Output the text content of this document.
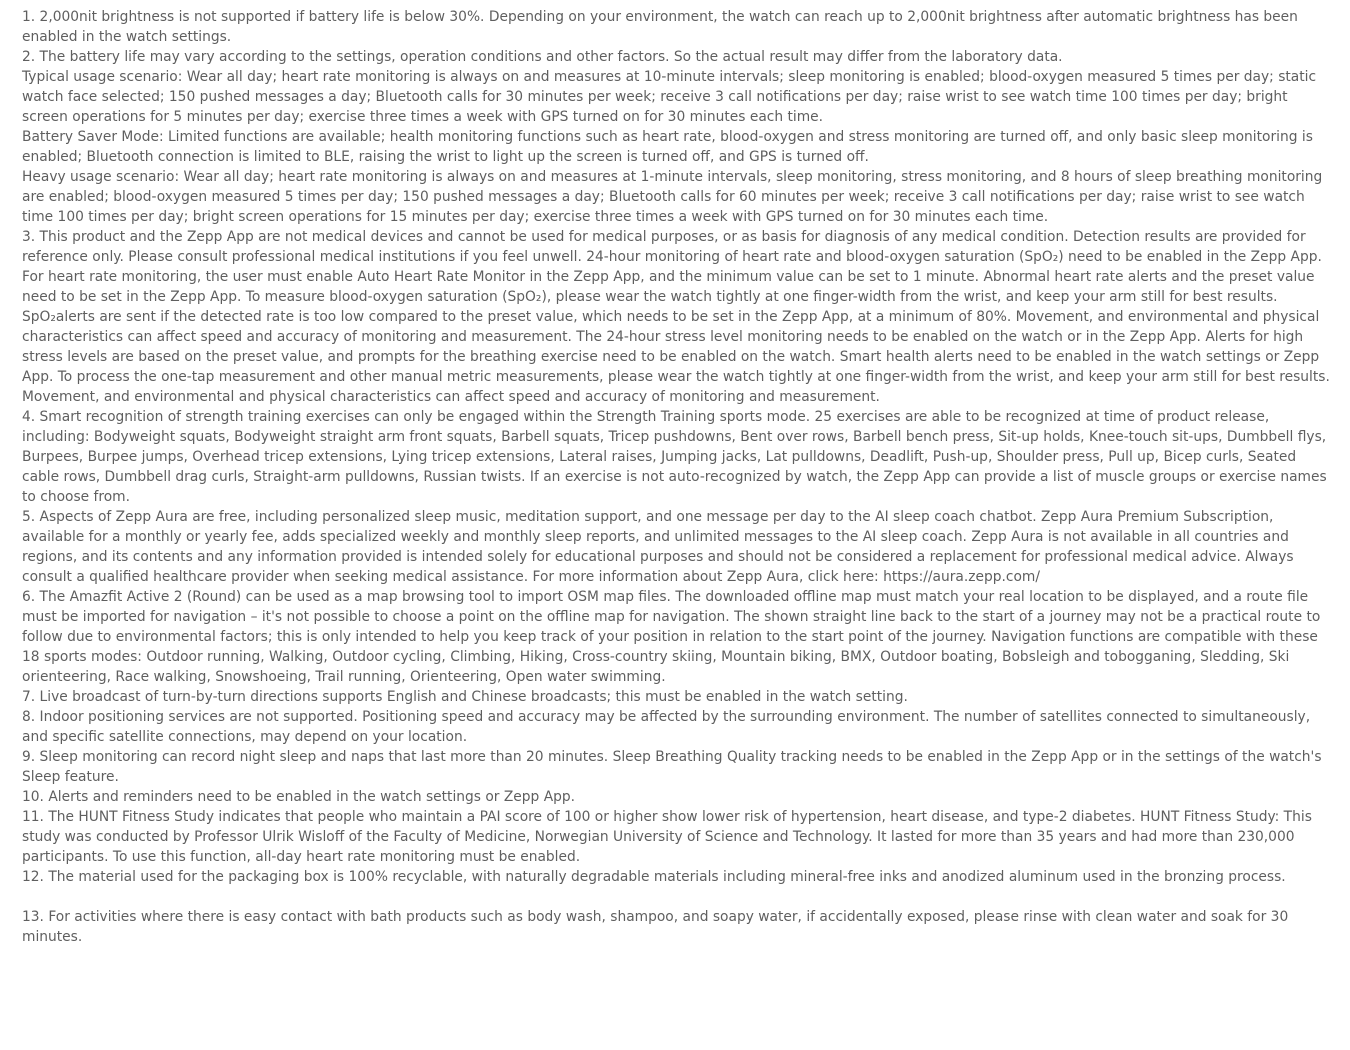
1. 2,000nit brightness is not supported if battery life is below 30%. Depending on your environment, the watch can reach up to 2,000nit brightness after automatic brightness has been enabled in the watch settings.

2. The battery life may vary according to the settings, operation conditions and other factors. So the actual result may differ from the laboratory data.

Typical usage scenario: Wear all day; heart rate monitoring is always on and measures at 10-minute intervals; sleep monitoring is enabled; blood-oxygen measured 5 times per day; static watch face selected; 150 pushed messages a day; Bluetooth calls for 30 minutes per week; receive 3 call notifications per day; raise wrist to see watch time 100 times per day; bright screen operations for 5 minutes per day; exercise three times a week with GPS turned on for 30 minutes each time.

Battery Saver Mode: Limited functions are available; health monitoring functions such as heart rate, blood-oxygen and stress monitoring are turned off, and only basic sleep monitoring is enabled; Bluetooth connection is limited to BLE, raising the wrist to light up the screen is turned off, and GPS is turned off.

Heavy usage scenario: Wear all day; heart rate monitoring is always on and measures at 1-minute intervals, sleep monitoring, stress monitoring, and 8 hours of sleep breathing monitoring are enabled; blood-oxygen measured 5 times per day; 150 pushed messages a day; Bluetooth calls for 60 minutes per week; receive 3 call notifications per day; raise wrist to see watch time 100 times per day; bright screen operations for 15 minutes per day; exercise three times a week with GPS turned on for 30 minutes each time.

3. This product and the Zepp App are not medical devices and cannot be used for medical purposes, or as basis for diagnosis of any medical condition. Detection results are provided for reference only. Please consult professional medical institutions if you feel unwell. 24-hour monitoring of heart rate and blood-oxygen saturation (SpO₂) need to be enabled in the Zepp App. For heart rate monitoring, the user must enable Auto Heart Rate Monitor in the Zepp App, and the minimum value can be set to 1 minute. Abnormal heart rate alerts and the preset value need to be set in the Zepp App. To measure blood-oxygen saturation (SpO₂), please wear the watch tightly at one finger-width from the wrist, and keep your arm still for best results. SpO₂alerts are sent if the detected rate is too low compared to the preset value, which needs to be set in the Zepp App, at a minimum of 80%. Movement, and environmental and physical characteristics can affect speed and accuracy of monitoring and measurement. The 24-hour stress level monitoring needs to be enabled on the watch or in the Zepp App. Alerts for high stress levels are based on the preset value, and prompts for the breathing exercise need to be enabled on the watch. Smart health alerts need to be enabled in the watch settings or Zepp App. To process the one-tap measurement and other manual metric measurements, please wear the watch tightly at one finger-width from the wrist, and keep your arm still for best results. Movement, and environmental and physical characteristics can affect speed and accuracy of monitoring and measurement.

4. Smart recognition of strength training exercises can only be engaged within the Strength Training sports mode. 25 exercises are able to be recognized at time of product release, including: Bodyweight squats, Bodyweight straight arm front squats, Barbell squats, Tricep pushdowns, Bent over rows, Barbell bench press, Sit-up holds, Knee-touch sit-ups, Dumbbell flys, Burpees, Burpee jumps, Overhead tricep extensions, Lying tricep extensions, Lateral raises, Jumping jacks, Lat pulldowns, Deadlift, Push-up, Shoulder press, Pull up, Bicep curls, Seated cable rows, Dumbbell drag curls, Straight-arm pulldowns, Russian twists. If an exercise is not auto-recognized by watch, the Zepp App can provide a list of muscle groups or exercise names to choose from.

5. Aspects of Zepp Aura are free, including personalized sleep music, meditation support, and one message per day to the AI sleep coach chatbot. Zepp Aura Premium Subscription, available for a monthly or yearly fee, adds specialized weekly and monthly sleep reports, and unlimited messages to the AI sleep coach. Zepp Aura is not available in all countries and regions, and its contents and any information provided is intended solely for educational purposes and should not be considered a replacement for professional medical advice. Always consult a qualified healthcare provider when seeking medical assistance. For more information about Zepp Aura, click here: https://aura.zepp.com/

6. The Amazfit Active 2 (Round) can be used as a map browsing tool to import OSM map files. The downloaded offline map must match your real location to be displayed, and a route file must be imported for navigation – it's not possible to choose a point on the offline map for navigation. The shown straight line back to the start of a journey may not be a practical route to follow due to environmental factors; this is only intended to help you keep track of your position in relation to the start point of the journey. Navigation functions are compatible with these 18 sports modes: Outdoor running, Walking, Outdoor cycling, Climbing, Hiking, Cross-country skiing, Mountain biking, BMX, Outdoor boating, Bobsleigh and tobogganing, Sledding, Ski orienteering, Race walking, Snowshoeing, Trail running, Orienteering, Open water swimming.

7. Live broadcast of turn-by-turn directions supports English and Chinese broadcasts; this must be enabled in the watch setting.

8. Indoor positioning services are not supported. Positioning speed and accuracy may be affected by the surrounding environment. The number of satellites connected to simultaneously, and specific satellite connections, may depend on your location.

9. Sleep monitoring can record night sleep and naps that last more than 20 minutes. Sleep Breathing Quality tracking needs to be enabled in the Zepp App or in the settings of the watch's Sleep feature.

10. Alerts and reminders need to be enabled in the watch settings or Zepp App.

11. The HUNT Fitness Study indicates that people who maintain a PAI score of 100 or higher show lower risk of hypertension, heart disease, and type-2 diabetes. HUNT Fitness Study: This study was conducted by Professor Ulrik Wisloff of the Faculty of Medicine, Norwegian University of Science and Technology. It lasted for more than 35 years and had more than 230,000 participants. To use this function, all-day heart rate monitoring must be enabled.

12. The material used for the packaging box is 100% recyclable, with naturally degradable materials including mineral-free inks and anodized aluminum used in the bronzing process.

13. For activities where there is easy contact with bath products such as body wash, shampoo, and soapy water, if accidentally exposed, please rinse with clean water and soak for 30 minutes.
